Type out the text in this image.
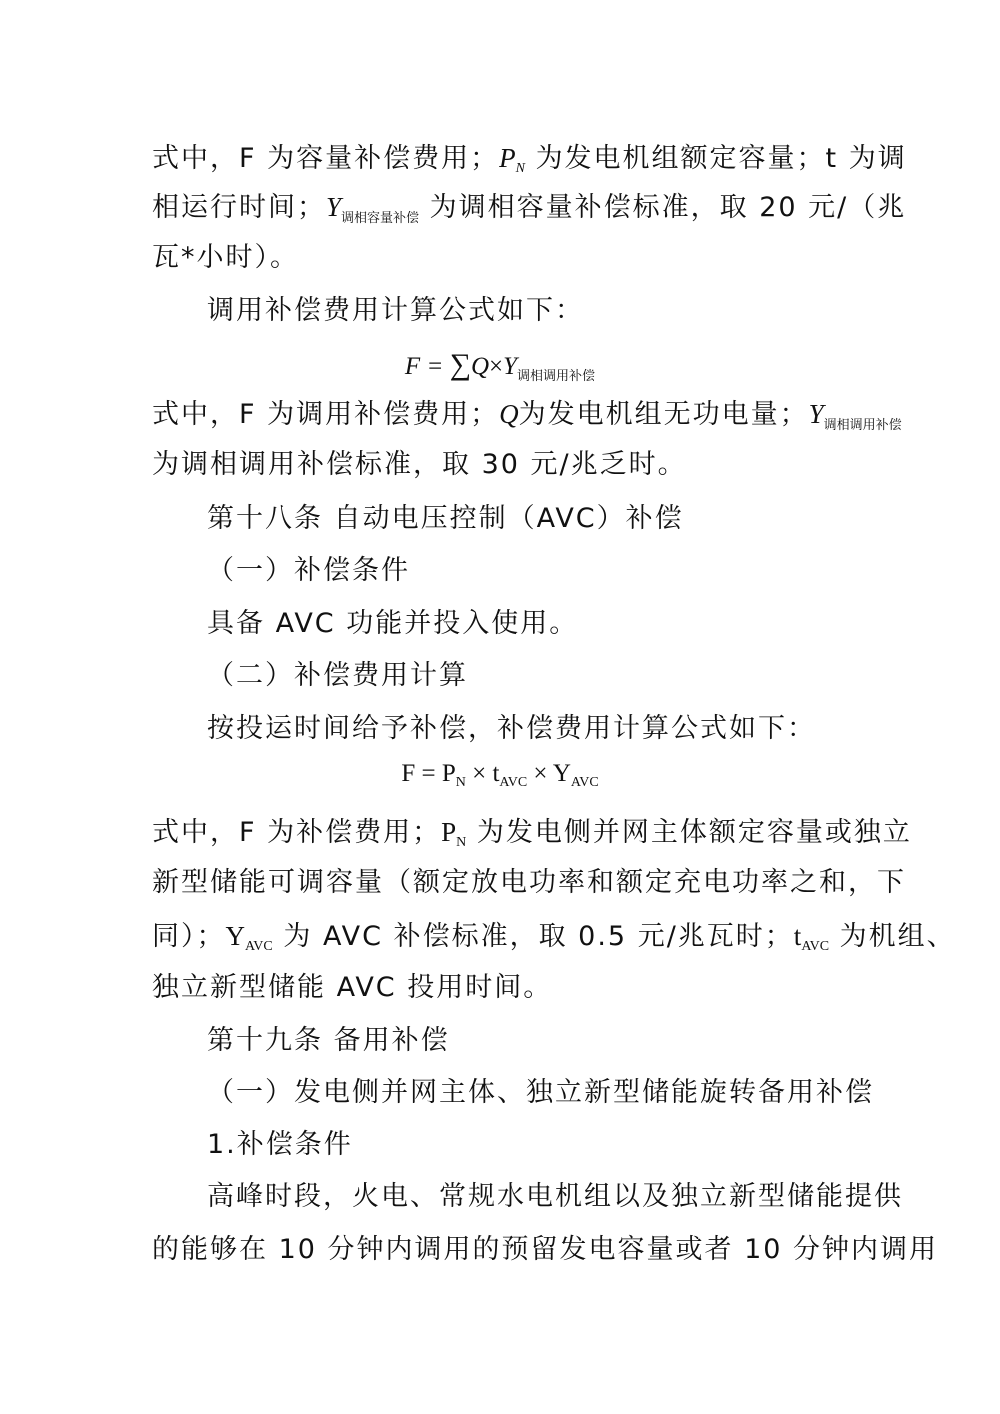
式中，F 为容量补偿费用；PN 为发电机组额定容量；t 为调
相运行时间；$Y_{调相容量补偿}$ 为调相容量补偿标准，取 20 元/（兆
瓦*小时）。
调用补偿费用计算公式如下：
$F = \sum Q\times Y_{调相调用补偿}$
式中，F 为调用补偿费用；Q为发电机组无功电量；$Y_{调相调用补偿}$
为调相调用补偿标准，取 30 元/兆乏时。
第十八条 自动电压控制（AVC）补偿
（一）补偿条件
具备 AVC 功能并投入使用。
（二）补偿费用计算
按投运时间给予补偿，补偿费用计算公式如下：
$F = P_N \times t_{AVC} \times Y_{AVC}$
式中，F 为补偿费用；PN 为发电侧并网主体额定容量或独立
新型储能可调容量（额定放电功率和额定充电功率之和，下
同）；YAVC 为 AVC 补偿标准，取 0.5 元/兆瓦时；tAVC 为机组、
独立新型储能 AVC 投用时间。
第十九条 备用补偿
（一）发电侧并网主体、独立新型储能旋转备用补偿
1.补偿条件
高峰时段，火电、常规水电机组以及独立新型储能提供
的能够在 10 分钟内调用的预留发电容量或者 10 分钟内调用
